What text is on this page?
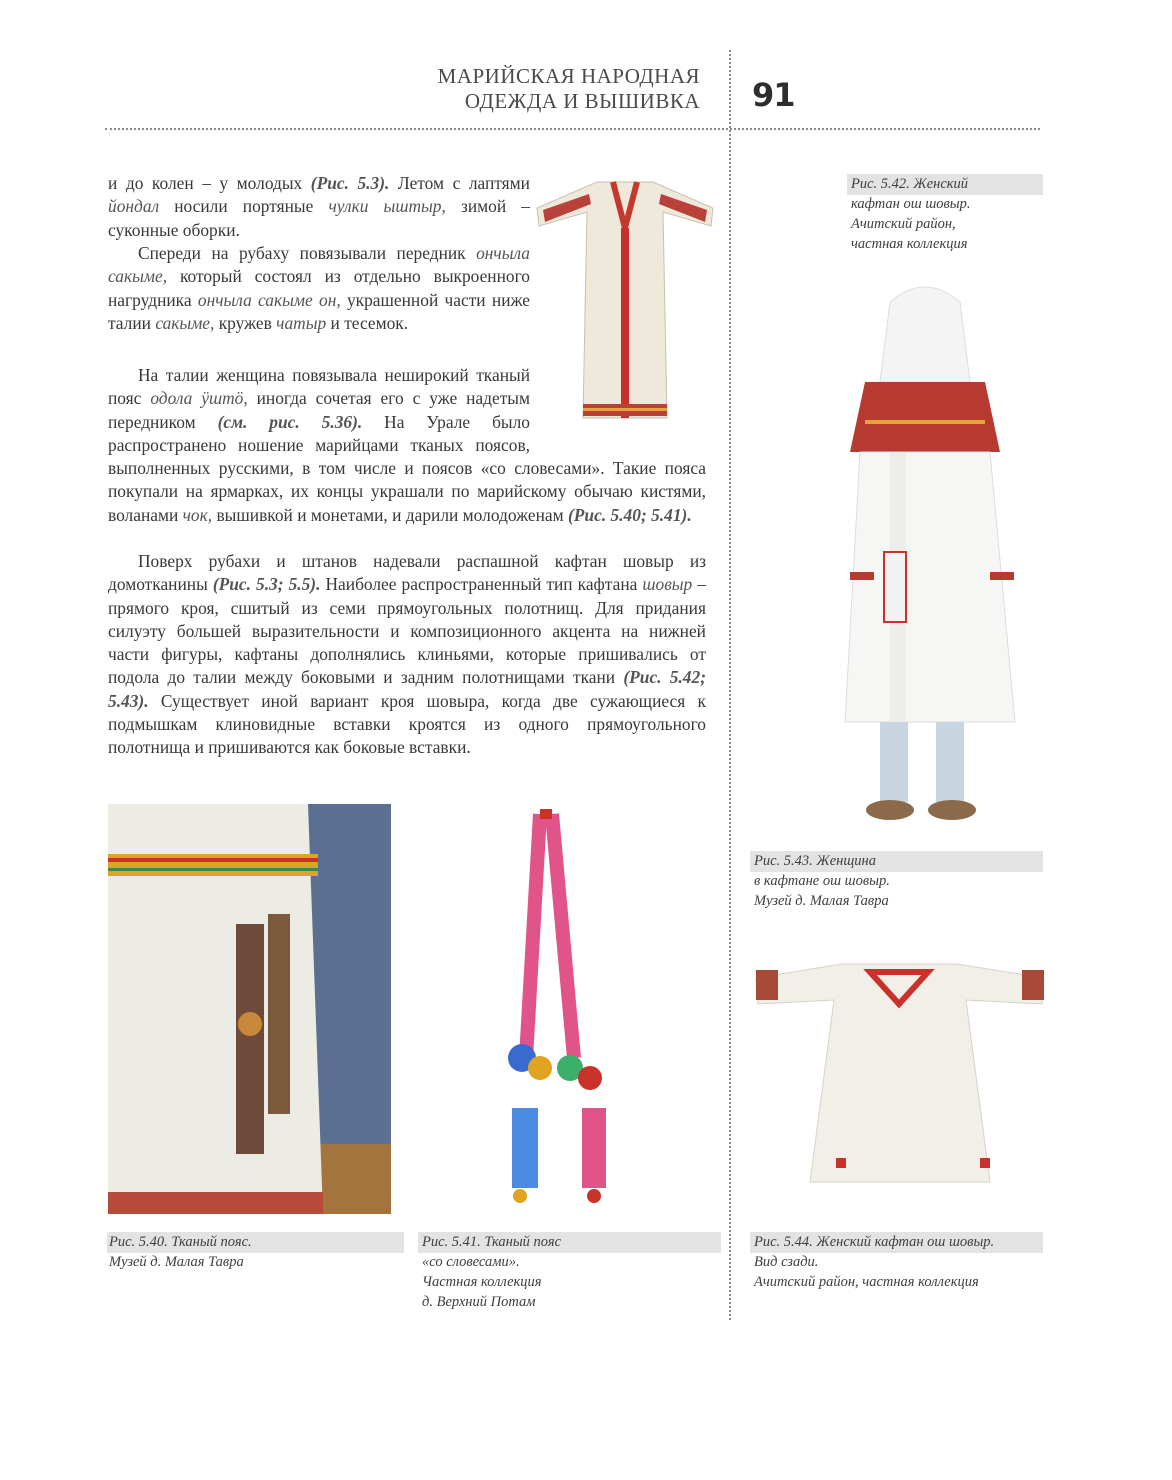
МАРИЙСКАЯ НАРОДНАЯ
ОДЕЖДА И ВЫШИВКА 91

и до колен – у молодых (Рис. 5.3). Летом с лаптями йондал носили портяные чулки ыштыр, зимой – суконные оборки.

Спереди на рубаху повязывали передник ончыла сакыме, который состоял из отдельно выкроенного нагрудника ончыла сакыме он, украшенной части ниже талии сакыме, кружев чатыр и тесемок.

На талии женщина повязывала неширокий тканый пояс одола ÿштö, иногда сочетая его с уже надетым передником (см. рис. 5.36). На Урале было распространено ношение марийцами тканых поясов, выполненных русскими, в том числе и поясов «со словесами». Такие пояса покупали на ярмарках, их концы украшали по марийскому обычаю кистями, воланами чок, вышивкой и монетами, и дарили молодоженам (Рис. 5.40; 5.41).

Поверх рубахи и штанов надевали распашной кафтан шовыр из домотканины (Рис. 5.3; 5.5). Наиболее распространенный тип кафтана шовыр – прямого кроя, сшитый из семи прямоугольных полотнищ. Для придания силуэту большей выразительности и композиционного акцента на нижней части фигуры, кафтаны дополнялись клиньями, которые пришивались от подола до талии между боковыми и задним полотнищами ткани (Рис. 5.42; 5.43). Существует иной вариант кроя шовыра, когда две сужающиеся к подмышкам клиновидные вставки кроятся из одного прямоугольного полотнища и пришиваются как боковые вставки.

Рис. 5.42. Женский
кафтан ош шовыр.
Ачитский район,
частная коллекция
Рис. 5.43. Женщина
в кафтане ош шовыр.
Музей д. Малая Тавра
Рис. 5.44. Женский кафтан ош шовыр.
Вид сзади.
Ачитский район, частная коллекция
Рис. 5.40. Тканый пояс.
Музей д. Малая Тавра
Рис. 5.41. Тканый пояс
«со словесами».
Частная коллекция
д. Верхний Потам
